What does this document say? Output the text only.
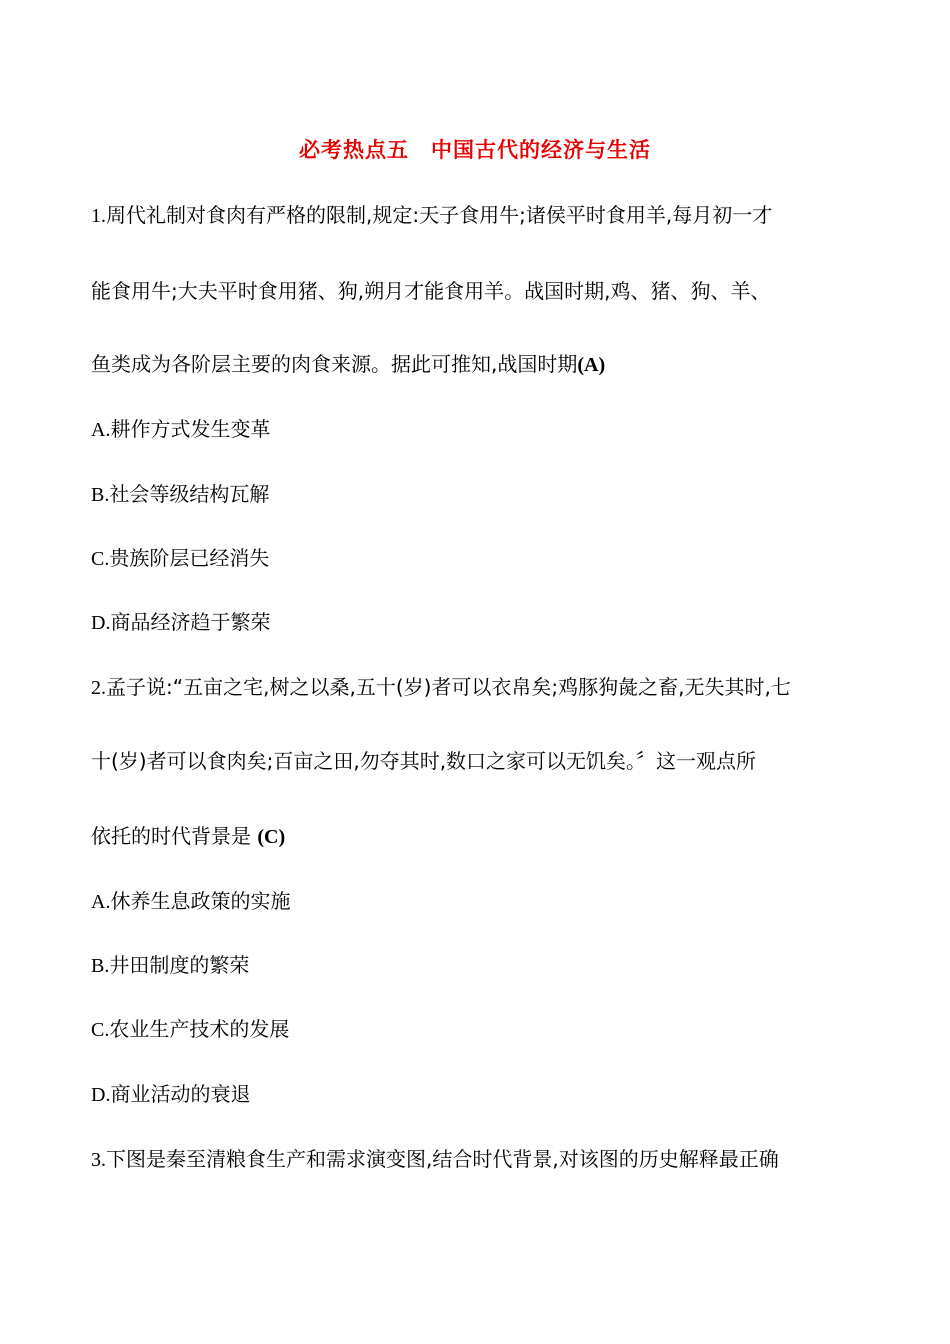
必考热点五　中国古代的经济与生活
1.周代礼制对食肉有严格的限制,规定:天子食用牛;诸侯平时食用羊,每月初一才
能食用牛;大夫平时食用猪、狗,朔月才能食用羊。战国时期,鸡、猪、狗、羊、
鱼类成为各阶层主要的肉食来源。据此可推知,战国时期(A)
A.耕作方式发生变革
B.社会等级结构瓦解
C.贵族阶层已经消失
D.商品经济趋于繁荣
2.孟子说:“五亩之宅,树之以桑,五十(岁)者可以衣帛矣;鸡豚狗彘之畜,无失其时,七
十(岁)者可以食肉矣;百亩之田,勿夺其时,数口之家可以无饥矣。〞这一观点所
依托的时代背景是 (C)
A.休养生息政策的实施
B.井田制度的繁荣
C.农业生产技术的发展
D.商业活动的衰退
3.下图是秦至清粮食生产和需求演变图,结合时代背景,对该图的历史解释最正确
